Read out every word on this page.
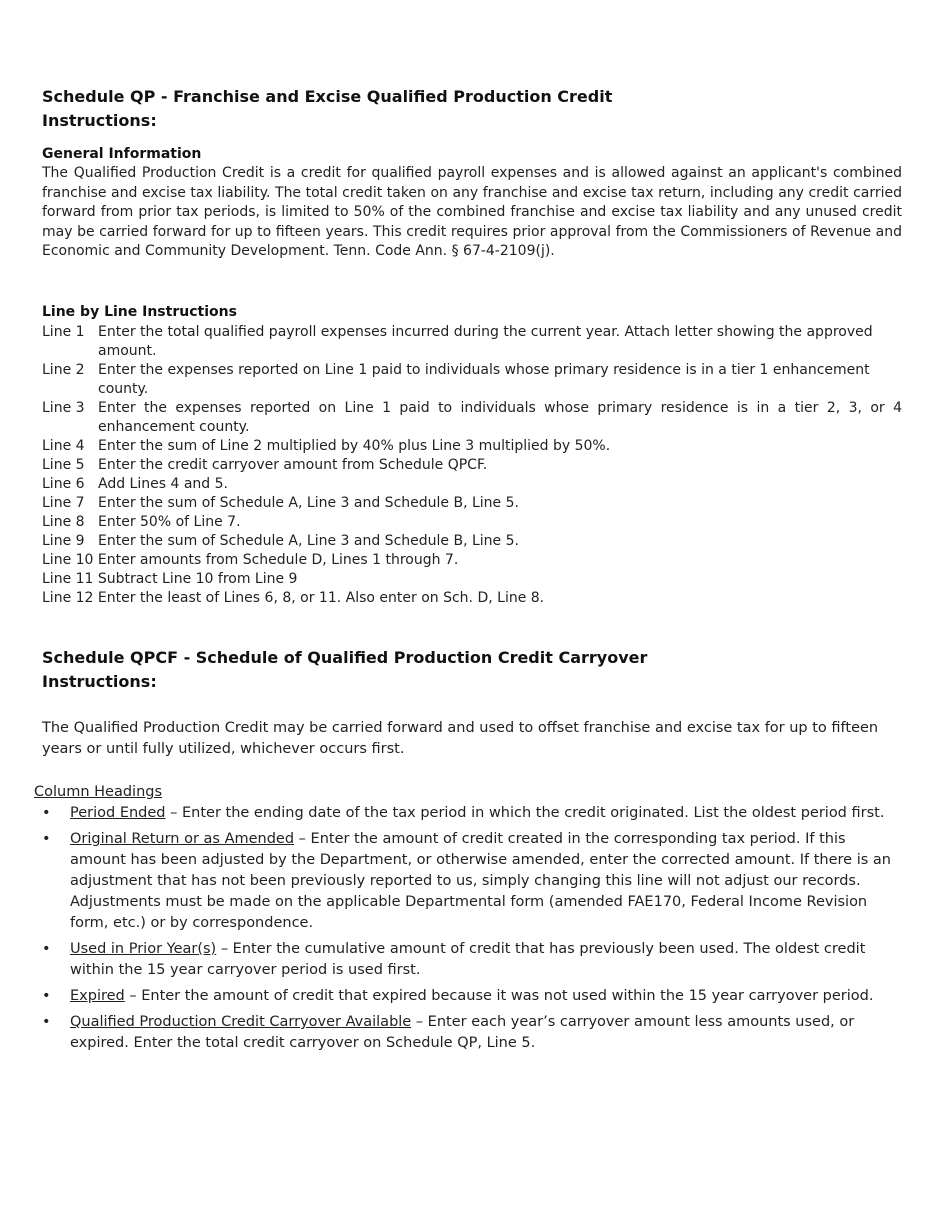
Schedule QP - Franchise and Excise Qualified Production Credit
Instructions:
General Information
The Qualified Production Credit is a credit for qualified payroll expenses and is allowed against an applicant's combined franchise and excise tax liability. The total credit taken on any franchise and excise tax return, including any credit carried forward from prior tax periods, is limited to 50% of the combined franchise and excise tax liability and any unused credit may be carried forward for up to fifteen years. This credit requires prior approval from the Commissioners of Revenue and Economic and Community Development. Tenn. Code Ann. § 67-4-2109(j).
Line by Line Instructions
Line 1 Enter the total qualified payroll expenses incurred during the current year. Attach letter showing the approved amount.
Line 2 Enter the expenses reported on Line 1 paid to individuals whose primary residence is in a tier 1 enhancement county.
Line 3 Enter the expenses reported on Line 1 paid to individuals whose primary residence is in a tier 2, 3, or 4 enhancement county.
Line 4 Enter the sum of Line 2 multiplied by 40% plus Line 3 multiplied by 50%.
Line 5 Enter the credit carryover amount from Schedule QPCF.
Line 6 Add Lines 4 and 5.
Line 7 Enter the sum of Schedule A, Line 3 and Schedule B, Line 5.
Line 8 Enter 50% of Line 7.
Line 9 Enter the sum of Schedule A, Line 3 and Schedule B, Line 5.
Line 10 Enter amounts from Schedule D, Lines 1 through 7.
Line 11 Subtract Line 10 from Line 9
Line 12 Enter the least of Lines 6, 8, or 11. Also enter on Sch. D, Line 8.
Schedule QPCF - Schedule of Qualified Production Credit Carryover
Instructions:
The Qualified Production Credit may be carried forward and used to offset franchise and excise tax for up to fifteen years or until fully utilized, whichever occurs first.
Column Headings
• Period Ended – Enter the ending date of the tax period in which the credit originated. List the oldest period first.
• Original Return or as Amended – Enter the amount of credit created in the corresponding tax period. If this amount has been adjusted by the Department, or otherwise amended, enter the corrected amount. If there is an adjustment that has not been previously reported to us, simply changing this line will not adjust our records. Adjustments must be made on the applicable Departmental form (amended FAE170, Federal Income Revision form, etc.) or by correspondence.
• Used in Prior Year(s) – Enter the cumulative amount of credit that has previously been used. The oldest credit within the 15 year carryover period is used first.
• Expired – Enter the amount of credit that expired because it was not used within the 15 year carryover period.
• Qualified Production Credit Carryover Available – Enter each year’s carryover amount less amounts used, or expired. Enter the total credit carryover on Schedule QP, Line 5.
